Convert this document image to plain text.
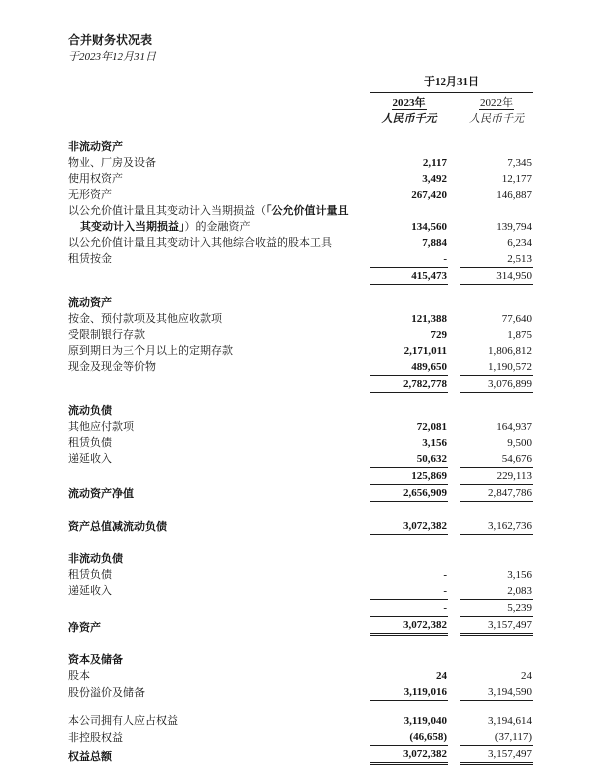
合并财务状况表
于2023年12月31日
	于12月31日	
	2023年	2022年
	人民币千元	人民币千元

非流动资产		
物业、厂房及设备	2,117	7,345
使用权资产	3,492	12,177
无形资产	267,420	146,887

以公允价值计量且其变动计入当期损益（「公允价值计量且
其变动计入当期损益」）的金融资产	134,560	139,794
以公允价值计量且其变动计入其他综合收益的股本工具	7,884	6,234
租赁按金	-	2,513
	415,473	314,950

流动资产		
按金、预付款项及其他应收款项	121,388	77,640
受限制银行存款	729	1,875
原到期日为三个月以上的定期存款	2,171,011	1,806,812
现金及现金等价物	489,650	1,190,572
	2,782,778	3,076,899

流动负债		
其他应付款项	72,081	164,937
租赁负债	3,156	9,500
递延收入	50,632	54,676
	125,869	229,113
流动资产净值	2,656,909	2,847,786

资产总值减流动负债	3,072,382	3,162,736

非流动负债		
租赁负债	-	3,156
递延收入	-	2,083
	-	5,239
净资产	3,072,382	3,157,497

资本及储备		
股本	24	24
股份溢价及储备	3,119,016	3,194,590

本公司拥有人应占权益	3,119,040	3,194,614
非控股权益	(46,658)	(37,117)
权益总额	3,072,382	3,157,497
